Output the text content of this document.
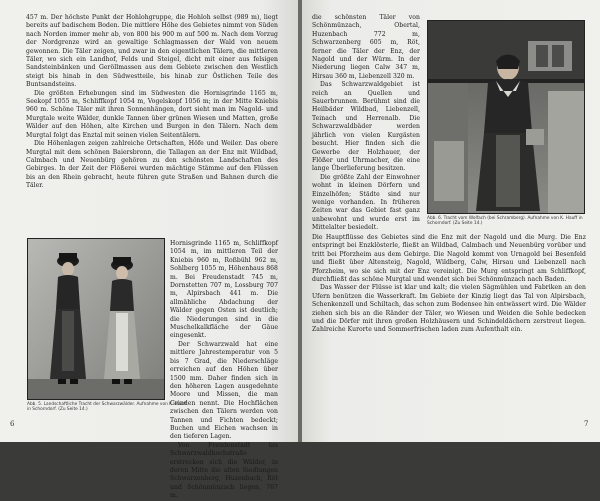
457 m. Der höchste Punkt der Hohlohgruppe, die Hohloh selbst (989 m), liegt bereits auf badischem Boden. Die mittlere Höhe des Gebietes nimmt von Süden nach Norden immer mehr ab, von 800 bis 900 m auf 500 m. Nach dem Vorzug der Nordgrenze wird an gewaltige Schlagmassen der Wald von neuem gewonnen. Die Täler zeigen, und zwar in den eigentlichen Tälern, die mittleren Täler, wo sich ein Landhof, Felds und Steigel, dicht mit einer aus felsigen Sandsteinbänken und Geröllmassen aus dem Gebiete zwischen den Westlich steigt bis hinab in den Südwestteile, bis hinab zur Östlichen Teile des Buntsandsteins.

Die größten Erhebungen sind im Südwesten die Hornisgrinde 1165 m, Seekopf 1055 m, Schliffkopf 1054 m, Vogelskopf 1056 m; in der Mitte Kniebis 960 m. Schöne Täler mit ihren Sonnenhängen, dort sieht man im Nagold- und Murgtale weite Wälder, dunkle Tannen über grünen Wiesen und Matten, große Wälder auf den Höhen, alte Kirchen und Burgen in den Tälern. Nach dem Murgtal folgt das Enztal mit seinen vielen Seitentälern.

Die Höhenlagen zeigen zahlreiche Ortschaften, Höfe und Weiler. Das obere Murgtal mit dem schönen Baiersbronn, die Tallagen an der Enz mit Wildbad, Calmbach und Neuenbürg gehören zu den schönsten Landschaften des Gebirges. In der Zeit der Flößerei wurden mächtige Stämme auf den Flüssen bis an den Rhein gebracht, heute führen gute Straßen und Bahnen durch die Täler.

Abb. 5. Landschaftliche Tracht der Schwarzwälder. Aufnahme von K. Hauff in Schorndorf. (Zu Seite 14.)

Hornisgrinde 1165 m, Schliffkopf 1054 m, im mittleren Teil der Kniebis 960 m, Roßbühl 962 m, Sohlberg 1055 m, Höhenhaus 868 m. Bei Freudenstadt 745 m, Dornstetten 707 m, Lossburg 707 m, Alpirsbach 441 m. Die allmähliche Abdachung der Wälder gegen Osten ist deutlich; die Niederungen sind in die Muschelkalkfläche der Gäue eingesenkt.

Der Schwarzwald hat eine mittlere Jahrestemperatur von 5 bis 7 Grad, die Niederschläge erreichen auf den Höhen über 1500 mm. Daher finden sich in den höheren Lagen ausgedehnte Moore und Missen, die man Grinden nennt. Die Hochflächen zwischen den Tälern werden von Tannen und Fichten bedeckt; Buchen und Eichen wachsen in den tieferen Lagen.

Von Freudenstadt bis Schwarzwaldhochstraße erstrecken sich die Wälder, in deren Mitte die alten Siedlungen Schwarzenberg, Huzenbach, Röt und Schönmünzach liegen, 767 m.

6

die schönsten Täler von Schönmünzach, Obertal, Huzenbach 772 m, Schwarzenberg 605 m, Röt, ferner die Täler der Enz, der Nagold und der Würm. In der Niederung liegen Calw 347 m, Hirsau 360 m, Liebenzell 320 m.

Das Schwarzwaldgebiet ist reich an Quellen und Sauerbrunnen. Berühmt sind die Heilbäder Wildbad, Liebenzell, Teinach und Herrenalb. Die Schwarzwaldbäder werden jährlich von vielen Kurgästen besucht. Hier finden sich die Gewerbe der Holzhauer, der Flößer und Uhrmacher, die eine lange Überlieferung besitzen.

Die größte Zahl der Einwohner wohnt in kleinen Dörfern und Einzelhöfen; Städte sind nur wenige vorhanden. In früheren Zeiten war das Gebiet fast ganz unbewohnt und wurde erst im Mittelalter besiedelt.

Abb. 6. Tracht vom Wolfach (bei Schramberg). Aufnahme von K. Hauff in Schorndorf. (Zu Seite 14.)

Die Hauptflüsse des Gebietes sind die Enz mit der Nagold und die Murg. Die Enz entspringt bei Enzklösterle, fließt an Wildbad, Calmbach und Neuenbürg vorüber und tritt bei Pforzheim aus dem Gebirge. Die Nagold kommt von Urnagold bei Besenfeld und fließt über Altensteig, Nagold, Wildberg, Calw, Hirsau und Liebenzell nach Pforzheim, wo sie sich mit der Enz vereinigt. Die Murg entspringt am Schliffkopf, durchfließt das schöne Murgtal und wendet sich bei Schönmünzach nach Baden.

Das Wasser der Flüsse ist klar und kalt; die vielen Sägmühlen und Fabriken an den Ufern benützen die Wasserkraft. Im Gebiete der Kinzig liegt das Tal von Alpirsbach, Schenkenzell und Schiltach, das schon zum Bodensee hin entwässert wird. Die Wälder ziehen sich bis an die Ränder der Täler, wo Wiesen und Weiden die Sohle bedecken und die Dörfer mit ihren großen Holzhäusern und Schindeldächern zerstreut liegen. Zahlreiche Kurorte und Sommerfrischen laden zum Aufenthalt ein.

7
